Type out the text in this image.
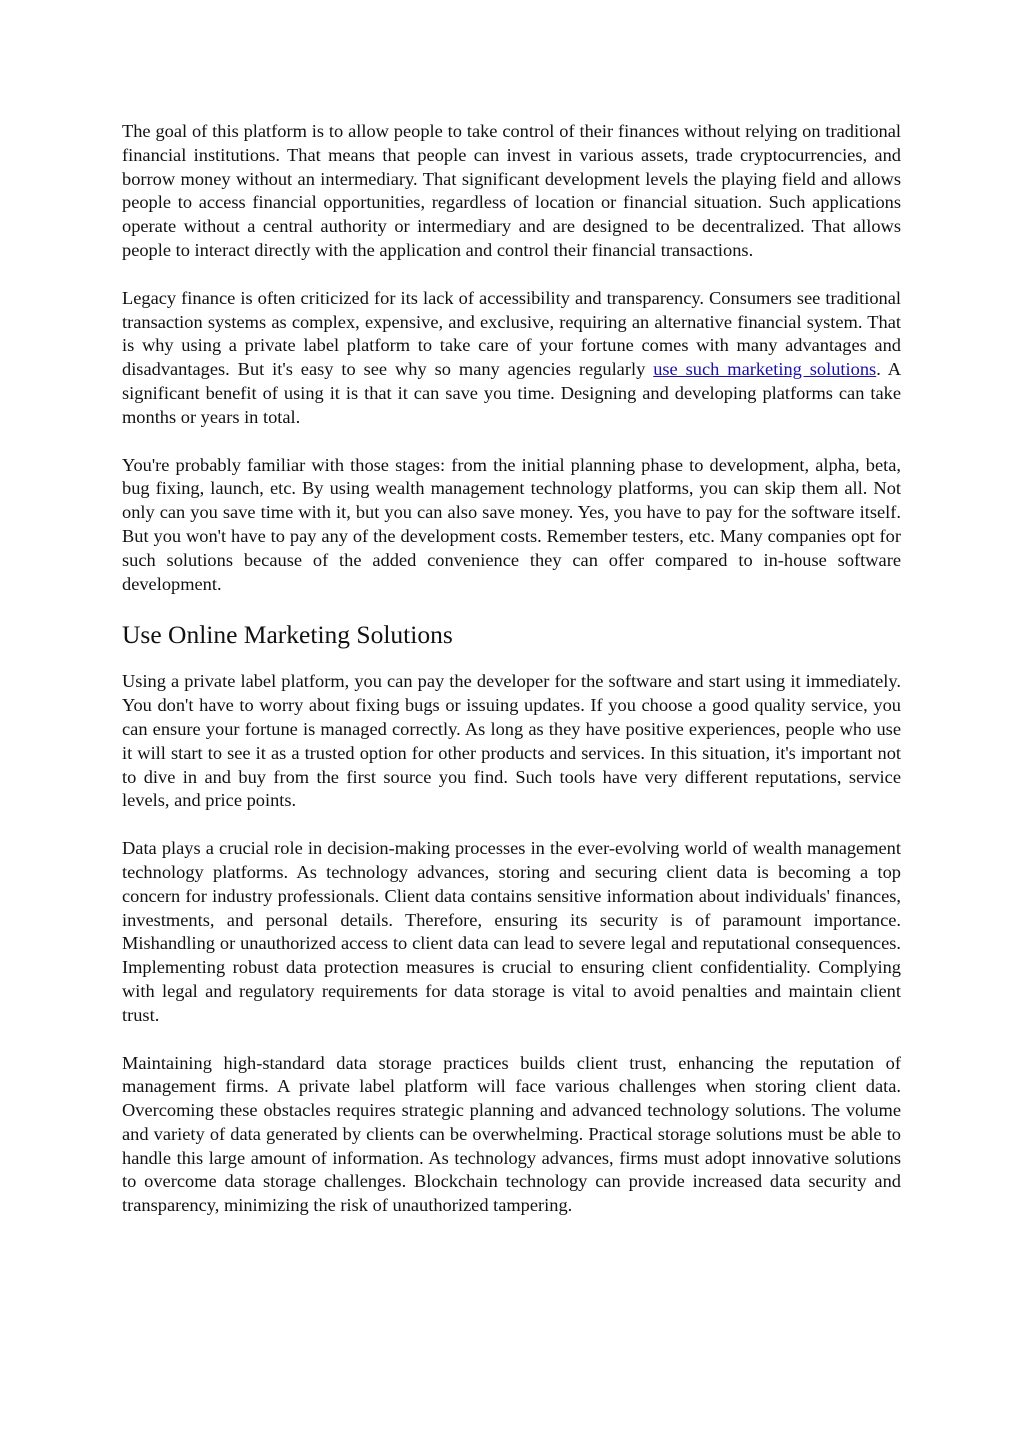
The goal of this platform is to allow people to take control of their finances without relying on traditional financial institutions. That means that people can invest in various assets, trade cryptocurrencies, and borrow money without an intermediary. That significant development levels the playing field and allows people to access financial opportunities, regardless of location or financial situation. Such applications operate without a central authority or intermediary and are designed to be decentralized. That allows people to interact directly with the application and control their financial transactions.

Legacy finance is often criticized for its lack of accessibility and transparency. Consumers see traditional transaction systems as complex, expensive, and exclusive, requiring an alternative financial system. That is why using a private label platform to take care of your fortune comes with many advantages and disadvantages. But it's easy to see why so many agencies regularly use such marketing solutions. A significant benefit of using it is that it can save you time. Designing and developing platforms can take months or years in total.

You're probably familiar with those stages: from the initial planning phase to development, alpha, beta, bug fixing, launch, etc. By using wealth management technology platforms, you can skip them all. Not only can you save time with it, but you can also save money. Yes, you have to pay for the software itself. But you won't have to pay any of the development costs. Remember testers, etc. Many companies opt for such solutions because of the added convenience they can offer compared to in-house software development.

Use Online Marketing Solutions

Using a private label platform, you can pay the developer for the software and start using it immediately. You don't have to worry about fixing bugs or issuing updates. If you choose a good quality service, you can ensure your fortune is managed correctly. As long as they have positive experiences, people who use it will start to see it as a trusted option for other products and services. In this situation, it's important not to dive in and buy from the first source you find. Such tools have very different reputations, service levels, and price points.

Data plays a crucial role in decision-making processes in the ever-evolving world of wealth management technology platforms. As technology advances, storing and securing client data is becoming a top concern for industry professionals. Client data contains sensitive information about individuals' finances, investments, and personal details. Therefore, ensuring its security is of paramount importance. Mishandling or unauthorized access to client data can lead to severe legal and reputational consequences. Implementing robust data protection measures is crucial to ensuring client confidentiality. Complying with legal and regulatory requirements for data storage is vital to avoid penalties and maintain client trust.

Maintaining high-standard data storage practices builds client trust, enhancing the reputation of management firms. A private label platform will face various challenges when storing client data. Overcoming these obstacles requires strategic planning and advanced technology solutions. The volume and variety of data generated by clients can be overwhelming. Practical storage solutions must be able to handle this large amount of information. As technology advances, firms must adopt innovative solutions to overcome data storage challenges. Blockchain technology can provide increased data security and transparency, minimizing the risk of unauthorized tampering.
